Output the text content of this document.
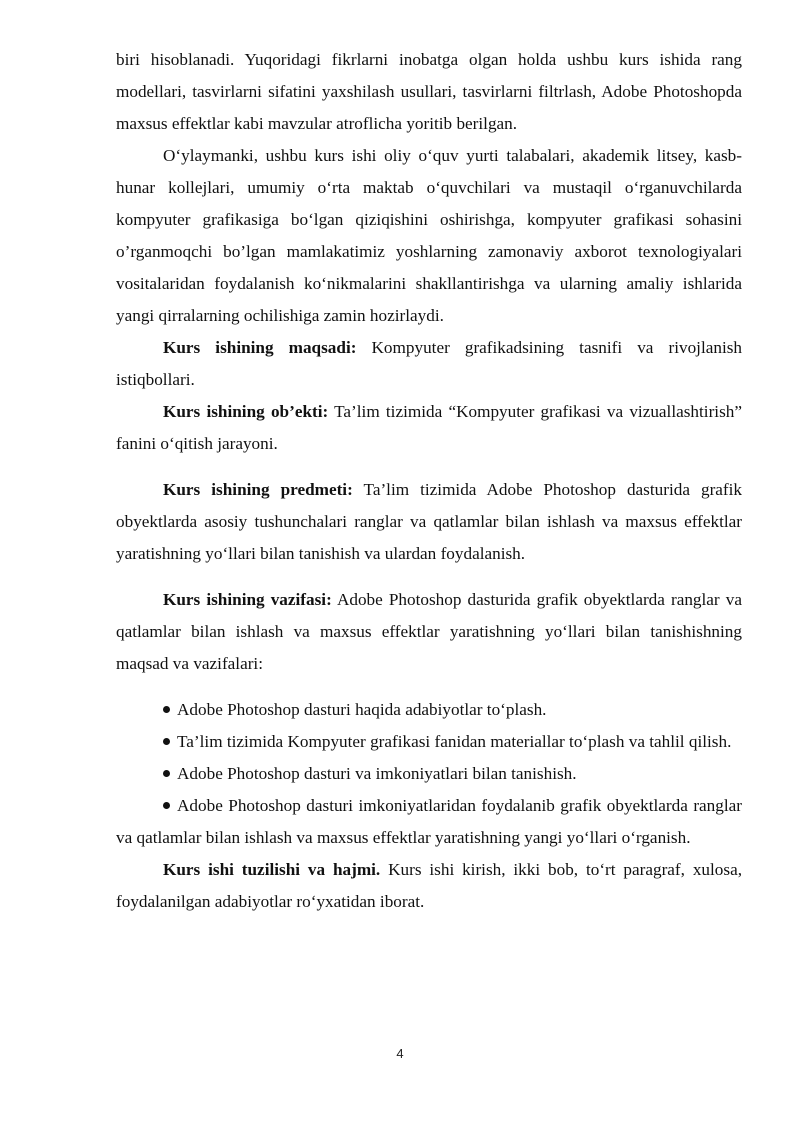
biri hisoblanadi. Yuqoridagi fikrlarni inobatga olgan holda ushbu kurs ishida rang modellari, tasvirlarni sifatini yaxshilash usullari, tasvirlarni filtrlash, Adobe Photoshopda maxsus effektlar kabi mavzular atroflicha yoritib berilgan.

O‘ylaymanki, ushbu kurs ishi oliy o‘quv yurti talabalari, akademik litsey, kasb-hunar kollejlari, umumiy o‘rta maktab o‘quvchilari va mustaqil o‘rganuvchilarda kompyuter grafikasiga bo‘lgan qiziqishini oshirishga, kompyuter grafikasi sohasini o’rganmoqchi bo’lgan mamlakatimiz yoshlarning zamonaviy axborot texnologiyalari vositalaridan foydalanish ko‘nikmalarini shakllantirishga va ularning amaliy ishlarida yangi qirralarning ochilishiga zamin hozirlaydi.

Kurs ishining maqsadi: Kompyuter grafikadsining tasnifi va rivojlanish istiqbollari.

Kurs ishining ob’ekti: Ta’lim tizimida “Kompyuter grafikasi va vizuallashtirish” fanini o‘qitish jarayoni.

Kurs ishining predmeti: Ta’lim tizimida Adobe Photoshop dasturida grafik obyektlarda asosiy tushunchalari ranglar va qatlamlar bilan ishlash va maxsus effektlar yaratishning yo‘llari bilan tanishish va ulardan foydalanish.

Kurs ishining vazifasi: Adobe Photoshop dasturida grafik obyektlarda ranglar va qatlamlar bilan ishlash va maxsus effektlar yaratishning yo‘llari bilan tanishishning maqsad va vazifalari:

Adobe Photoshop dasturi haqida adabiyotlar to‘plash.

Ta’lim tizimida Kompyuter grafikasi fanidan materiallar to‘plash va tahlil qilish.

Adobe Photoshop dasturi va imkoniyatlari bilan tanishish.

Adobe Photoshop dasturi imkoniyatlaridan foydalanib grafik obyektlarda ranglar va qatlamlar bilan ishlash va maxsus effektlar yaratishning yangi yo‘llari o‘rganish.

Kurs ishi tuzilishi va hajmi. Kurs ishi kirish, ikki bob, to‘rt paragraf, xulosa, foydalanilgan adabiyotlar ro‘yxatidan iborat.

4
